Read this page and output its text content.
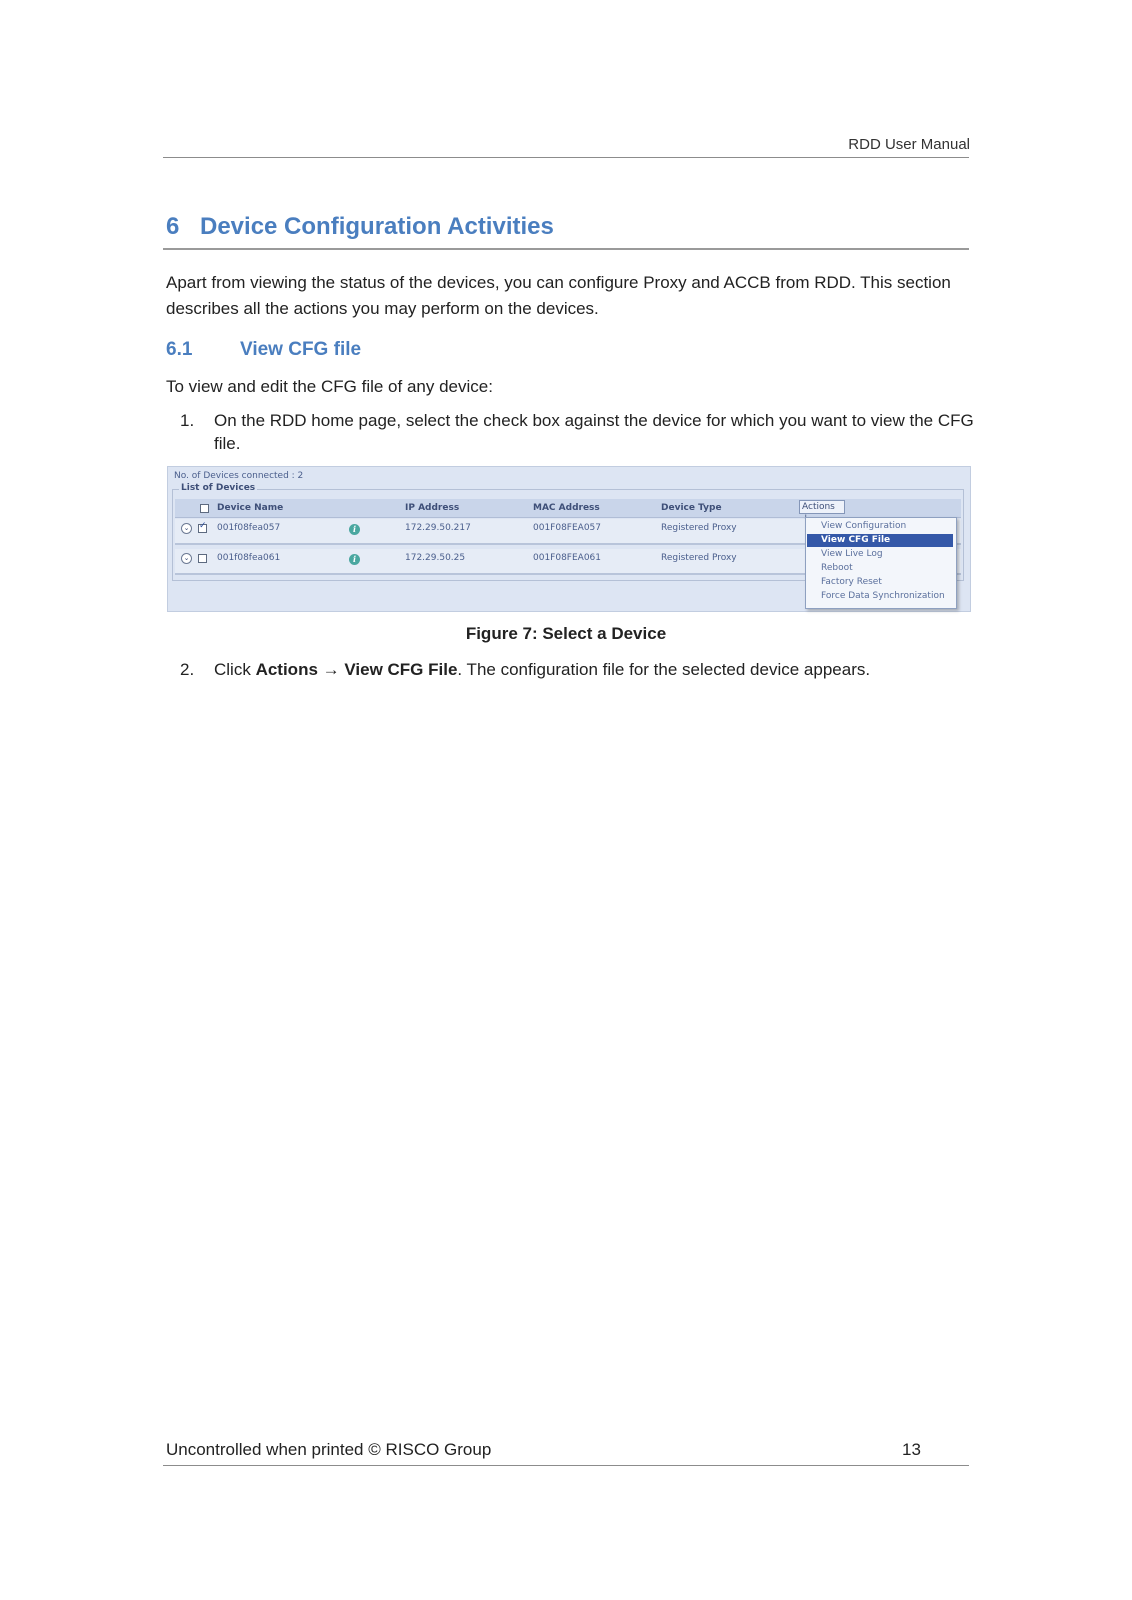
RDD User Manual
6 Device Configuration Activities
Apart from viewing the status of the devices, you can configure Proxy and ACCB from RDD. This section describes all the actions you may perform on the devices.
6.1	View CFG file
To view and edit the CFG file of any device:
1. On the RDD home page, select the check box against the device for which you want to view the CFG file.
No. of Devices connected : 2
List of Devices
Device Name	IP Address	MAC Address	Device Type	Actions
⌄
✓	001f08fea057	i	172.29.50.217	001F08FEA057	Registered Proxy
⌄	001f08fea061	i	172.29.50.25	001F08FEA061	Registered Proxy
View Configuration
View CFG File
View Live Log
Reboot
Factory Reset
Force Data Synchronization
Figure 7: Select a Device
2. Click Actions → View CFG File. The configuration file for the selected device appears.
Uncontrolled when printed © RISCO Group	13
